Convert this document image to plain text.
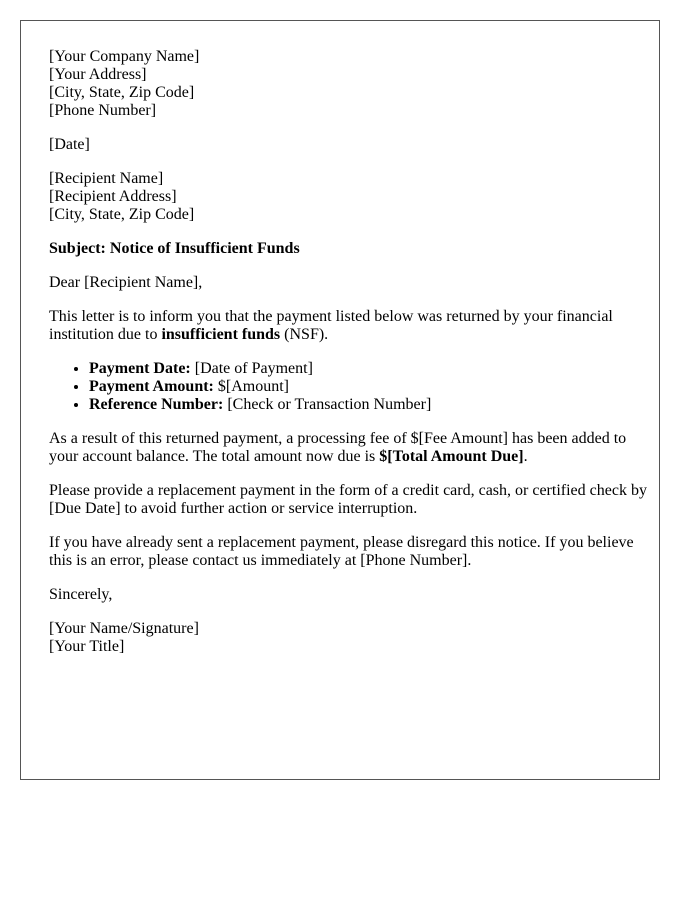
[Your Company Name]
[Your Address]
[City, State, Zip Code]
[Phone Number]
[Date]
[Recipient Name]
[Recipient Address]
[City, State, Zip Code]

Subject: Notice of Insufficient Funds

Dear [Recipient Name],

This letter is to inform you that the payment listed below was returned by your financial institution due to insufficient funds (NSF).

• Payment Date: [Date of Payment]
• Payment Amount: $[Amount]
• Reference Number: [Check or Transaction Number]

As a result of this returned payment, a processing fee of $[Fee Amount] has been added to your account balance. The total amount now due is $[Total Amount Due].

Please provide a replacement payment in the form of a credit card, cash, or certified check by [Due Date] to avoid further action or service interruption.

If you have already sent a replacement payment, please disregard this notice. If you believe this is an error, please contact us immediately at [Phone Number].

Sincerely,

[Your Name/Signature]
[Your Title]
